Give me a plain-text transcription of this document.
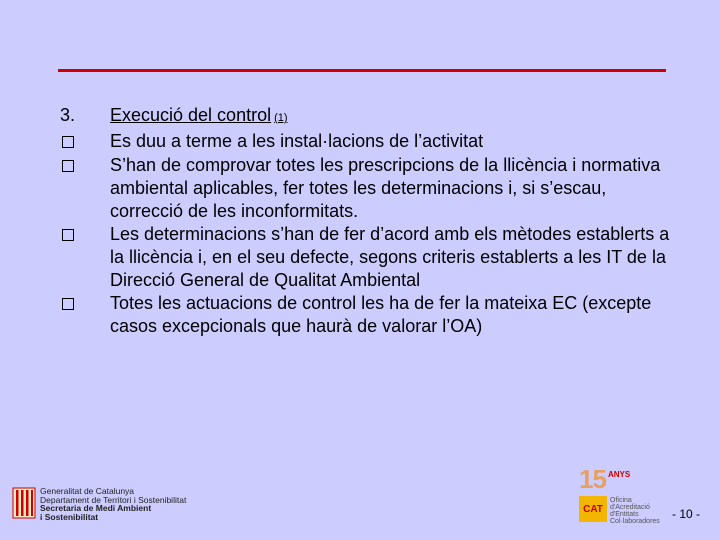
3.	Execució del control (1)
Es duu a terme a les instal·lacions de l’activitat
S’han de comprovar totes les prescripcions de la llicència i normativa ambiental aplicables, fer totes les determinacions i, si s’escau, correcció de les inconformitats.
Les determinacions s’han de fer d’acord amb els mètodes establerts a la llicència i, en el seu defecte, segons criteris establerts a les IT de la Direcció General de Qualitat Ambiental
Totes les actuacions de control les ha de fer la mateixa EC (excepte casos excepcionals que haurà de valorar l’OA)
Generalitat de Catalunya
Departament de Territori i Sostenibilitat
Secretaria de Medi Ambient
i Sostenibilitat
15 ANYS
CAT
Oficina
d'Acreditació
d'Entitats
Col·laboradores
- 10 -
